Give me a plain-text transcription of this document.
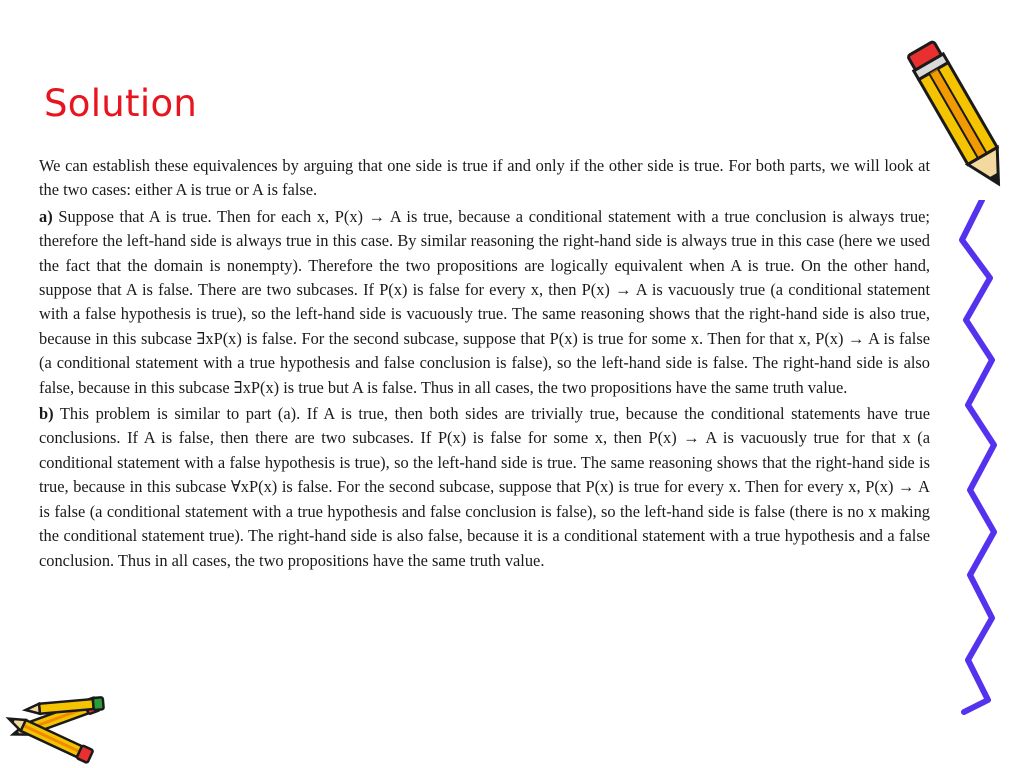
Solution

We can establish these equivalences by arguing that one side is true if and only if the other side is true. For both parts, we will look at the two cases: either A is true or A is false.

a) Suppose that A is true. Then for each x, P(x) → A is true, because a conditional statement with a true conclusion is always true; therefore the left-hand side is always true in this case. By similar reasoning the right-hand side is always true in this case (here we used the fact that the domain is nonempty). Therefore the two propositions are logically equivalent when A is true. On the other hand, suppose that A is false. There are two subcases. If P(x) is false for every x, then P(x) → A is vacuously true (a conditional statement with a false hypothesis is true), so the left-hand side is vacuously true. The same reasoning shows that the right-hand side is also true, because in this subcase ∃xP(x) is false. For the second subcase, suppose that P(x) is true for some x. Then for that x, P(x) → A is false (a conditional statement with a true hypothesis and false conclusion is false), so the left-hand side is false. The right-hand side is also false, because in this subcase ∃xP(x) is true but A is false. Thus in all cases, the two propositions have the same truth value.

b) This problem is similar to part (a). If A is true, then both sides are trivially true, because the conditional statements have true conclusions. If A is false, then there are two subcases. If P(x) is false for some x, then P(x) → A is vacuously true for that x (a conditional statement with a false hypothesis is true), so the left-hand side is true. The same reasoning shows that the right-hand side is true, because in this subcase ∀xP(x) is false. For the second subcase, suppose that P(x) is true for every x. Then for every x, P(x) → A is false (a conditional statement with a true hypothesis and false conclusion is false), so the left-hand side is false (there is no x making the conditional statement true). The right-hand side is also false, because it is a conditional statement with a true hypothesis and a false conclusion. Thus in all cases, the two propositions have the same truth value.
